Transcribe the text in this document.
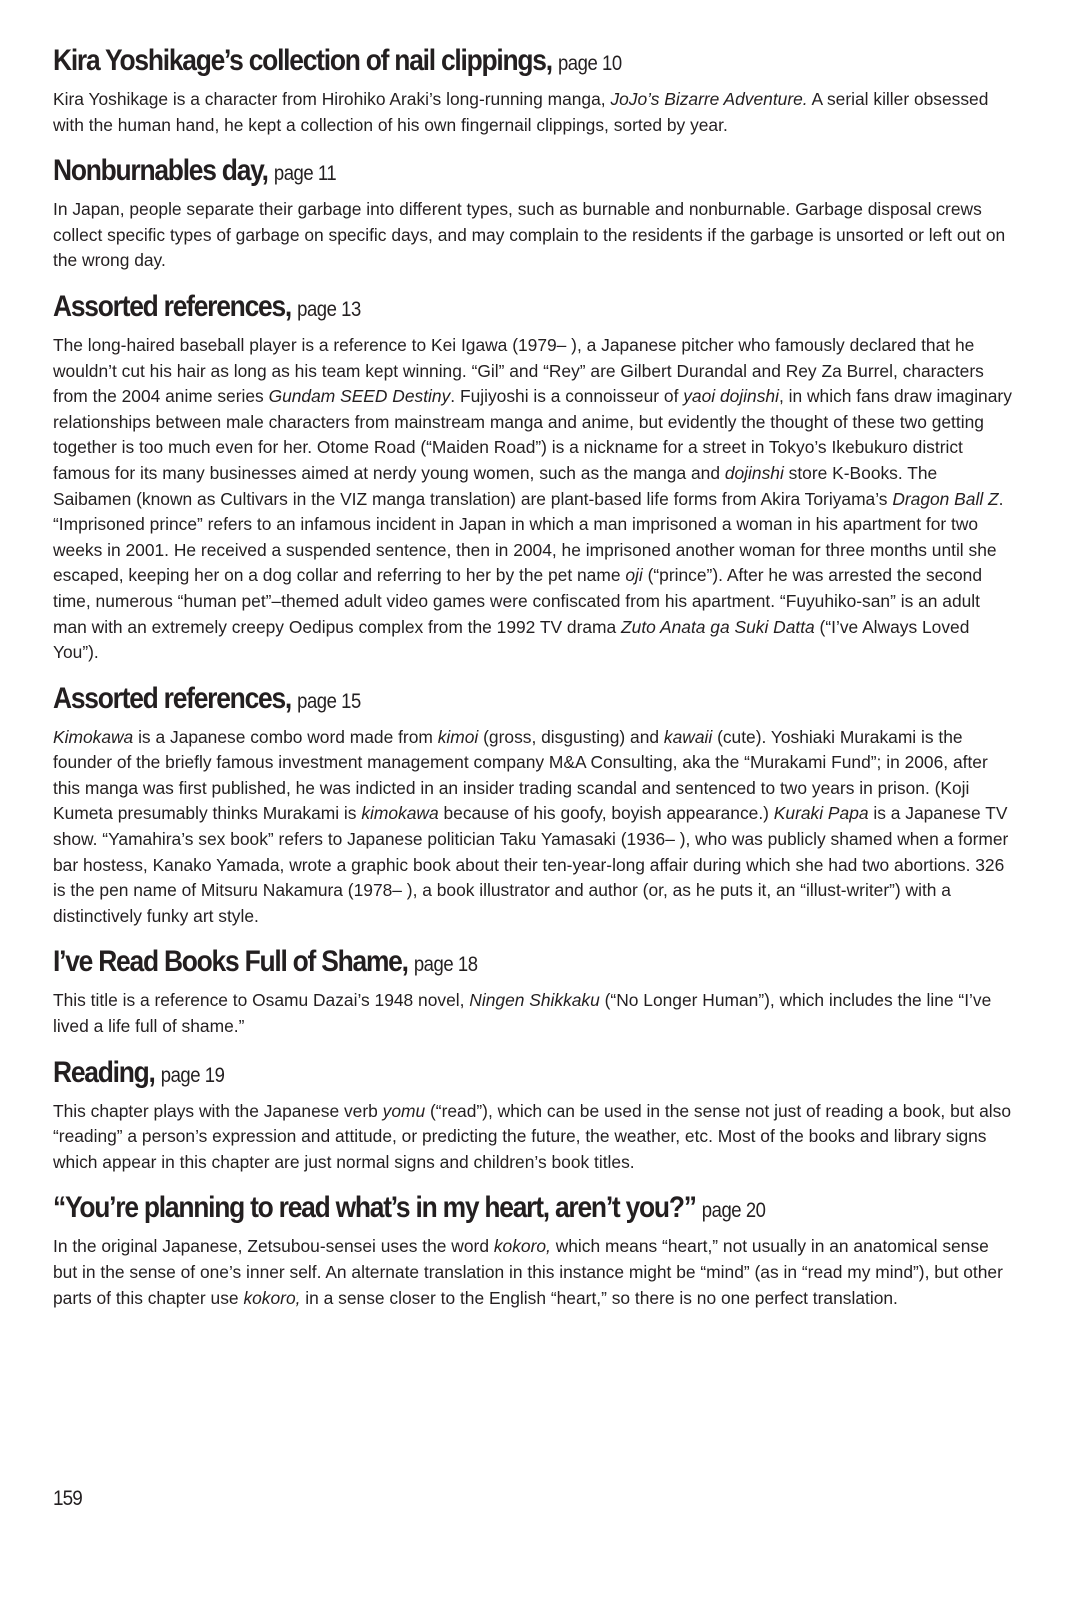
Kira Yoshikage’s collection of nail clippings, page 10

Kira Yoshikage is a character from Hirohiko Araki’s long-running manga, JoJo’s Bizarre Adventure. A serial killer obsessed with the human hand, he kept a collection of his own fingernail clippings, sorted by year.

Nonburnables day, page 11

In Japan, people separate their garbage into different types, such as burnable and nonburnable. Garbage disposal crews collect specific types of garbage on specific days, and may complain to the residents if the garbage is unsorted or left out on the wrong day.

Assorted references, page 13

The long-haired baseball player is a reference to Kei Igawa (1979– ), a Japanese pitcher who famously declared that he wouldn’t cut his hair as long as his team kept winning. “Gil” and “Rey” are Gilbert Durandal and Rey Za Burrel, characters from the 2004 anime series Gundam SEED Destiny. Fujiyoshi is a connoisseur of yaoi dojinshi, in which fans draw imaginary relationships between male characters from mainstream manga and anime, but evidently the thought of these two getting together is too much even for her. Otome Road (“Maiden Road”) is a nickname for a street in Tokyo’s Ikebukuro district famous for its many businesses aimed at nerdy young women, such as the manga and dojinshi store K-Books. The Saibamen (known as Cultivars in the VIZ manga translation) are plant-based life forms from Akira Toriyama’s Dragon Ball Z. “Imprisoned prince” refers to an infamous incident in Japan in which a man imprisoned a woman in his apartment for two weeks in 2001. He received a suspended sentence, then in 2004, he imprisoned another woman for three months until she escaped, keeping her on a dog collar and referring to her by the pet name oji (“prince”). After he was arrested the second time, numerous “human pet”–themed adult video games were confiscated from his apartment. “Fuyuhiko-san” is an adult man with an extremely creepy Oedipus complex from the 1992 TV drama Zuto Anata ga Suki Datta (“I’ve Always Loved You”).

Assorted references, page 15

Kimokawa is a Japanese combo word made from kimoi (gross, disgusting) and kawaii (cute). Yoshiaki Murakami is the founder of the briefly famous investment management company M&A Consulting, aka the “Murakami Fund”; in 2006, after this manga was first published, he was indicted in an insider trading scandal and sentenced to two years in prison. (Koji Kumeta presumably thinks Murakami is kimokawa because of his goofy, boyish appearance.) Kuraki Papa is a Japanese TV show. “Yamahira’s sex book” refers to Japanese politician Taku Yamasaki (1936– ), who was publicly shamed when a former bar hostess, Kanako Yamada, wrote a graphic book about their ten-year-long affair during which she had two abortions. 326 is the pen name of Mitsuru Nakamura (1978– ), a book illustrator and author (or, as he puts it, an “illust-writer”) with a distinctively funky art style.

I’ve Read Books Full of Shame, page 18

This title is a reference to Osamu Dazai’s 1948 novel, Ningen Shikkaku (“No Longer Human”), which includes the line “I’ve lived a life full of shame.”

Reading, page 19

This chapter plays with the Japanese verb yomu (“read”), which can be used in the sense not just of reading a book, but also “reading” a person’s expression and attitude, or predicting the future, the weather, etc. Most of the books and library signs which appear in this chapter are just normal signs and children’s book titles.

“You’re planning to read what’s in my heart, aren’t you?” page 20

In the original Japanese, Zetsubou-sensei uses the word kokoro, which means “heart,” not usually in an anatomical sense but in the sense of one’s inner self. An alternate translation in this instance might be “mind” (as in “read my mind”), but other parts of this chapter use kokoro, in a sense closer to the English “heart,” so there is no one perfect translation.

159
